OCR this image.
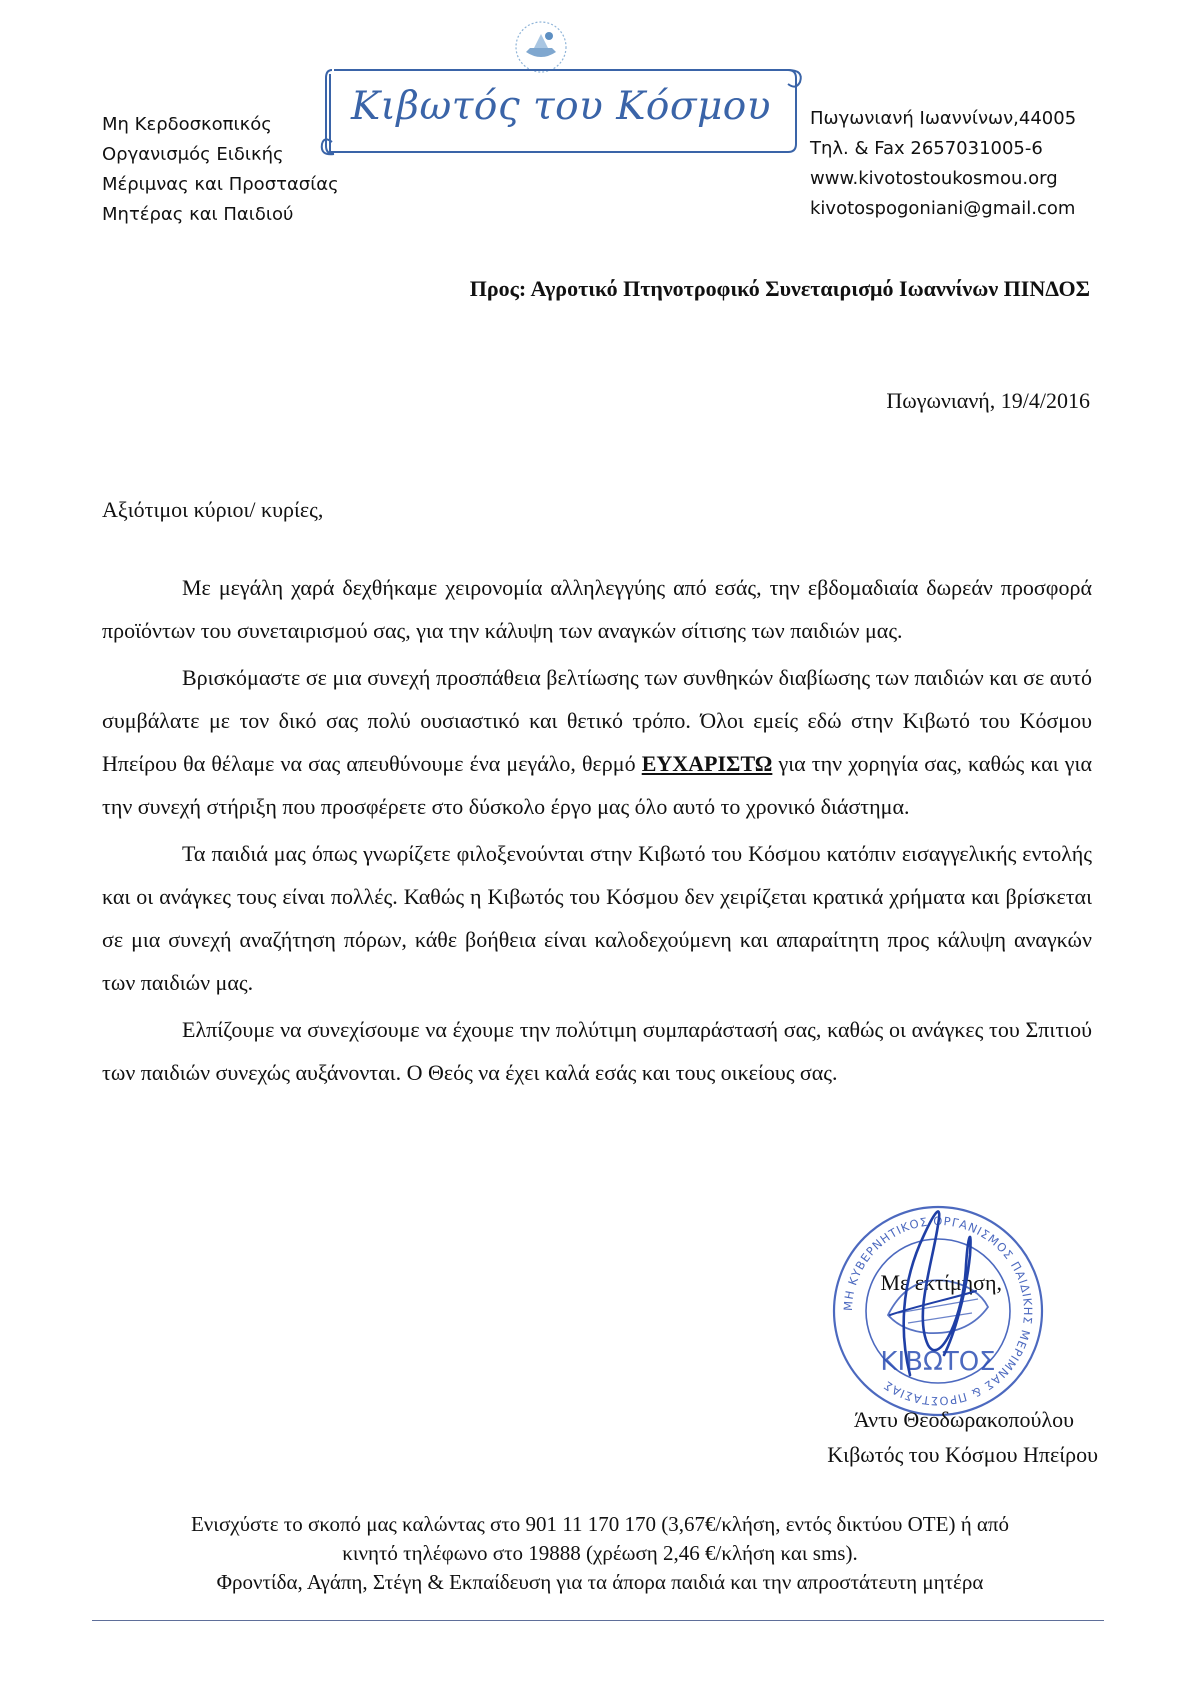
Μη Κερδοσκοπικός
Οργανισμός Ειδικής
Μέριμνας και Προστασίας
Μητέρας και Παιδιού
Κιβωτός του Κόσμου	Πωγωνιανή Ιωαννίνων,44005
Τηλ. & Fax 2657031005-6
www.kivotostoukosmou.org
kivotospogoniani@gmail.com
Προς: Αγροτικό Πτηνοτροφικό Συνεταιρισμό Ιωαννίνων ΠΙΝΔΟΣ
Πωγωνιανή, 19/4/2016
Αξιότιμοι κύριοι/ κυρίες,

Με μεγάλη χαρά δεχθήκαμε χειρονομία αλληλεγγύης από εσάς, την εβδομαδιαία δωρεάν προσφορά προϊόντων του συνεταιρισμού σας, για την κάλυψη των αναγκών σίτισης των παιδιών μας.

Βρισκόμαστε σε μια συνεχή προσπάθεια βελτίωσης των συνθηκών διαβίωσης των παιδιών και σε αυτό συμβάλατε με τον δικό σας πολύ ουσιαστικό και θετικό τρόπο. Όλοι εμείς εδώ στην Κιβωτό του Κόσμου Ηπείρου θα θέλαμε να σας απευθύνουμε ένα μεγάλο, θερμό ΕΥΧΑΡΙΣΤΩ για την χορηγία σας, καθώς και για την συνεχή στήριξη που προσφέρετε στο δύσκολο έργο μας όλο αυτό το χρονικό διάστημα.

Τα παιδιά μας όπως γνωρίζετε φιλοξενούνται στην Κιβωτό του Κόσμου κατόπιν εισαγγελικής εντολής και οι ανάγκες τους είναι πολλές. Καθώς η Κιβωτός του Κόσμου δεν χειρίζεται κρατικά χρήματα και βρίσκεται σε μια συνεχή αναζήτηση πόρων, κάθε βοήθεια είναι καλοδεχούμενη και απαραίτητη προς κάλυψη αναγκών των παιδιών μας.

Ελπίζουμε να συνεχίσουμε να έχουμε την πολύτιμη συμπαράστασή σας, καθώς οι ανάγκες του Σπιτιού των παιδιών συνεχώς αυξάνονται. Ο Θεός να έχει καλά εσάς και τους οικείους σας.

ΜΗ ΚΥΒΕΡΝΗΤΙΚΟΣ ΟΡΓΑΝΙΣΜΟΣ ΠΑΙΔΙΚΗΣ ΜΕΡΙΜΝΑΣ & ΠΡΟΣΤΑΣΙΑΣ
ΚΙΒΩΤΟΣ
Με εκτίμηση,
Άντυ Θεοδωρακοπούλου
Κιβωτός του Κόσμου Ηπείρου
Ενισχύστε το σκοπό μας καλώντας στο 901 11 170 170 (3,67€/κλήση, εντός δικτύου ΟΤΕ) ή από
κινητό τηλέφωνο στο 19888 (χρέωση 2,46 €/κλήση και sms).
Φροντίδα, Αγάπη, Στέγη & Εκπαίδευση για τα άπορα παιδιά και την απροστάτευτη μητέρα
